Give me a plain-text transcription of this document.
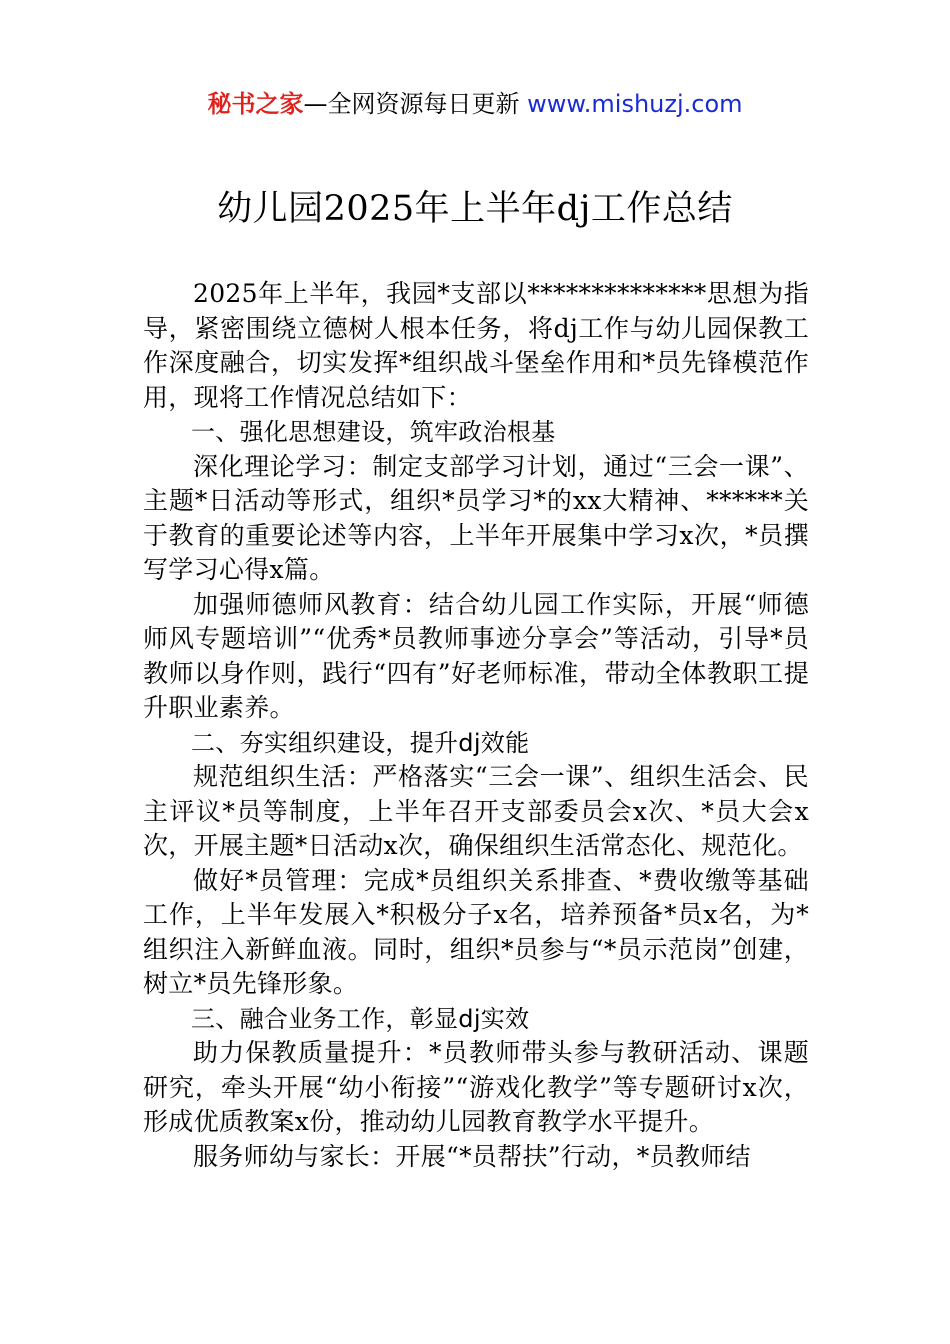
秘书之家—全网资源每日更新 www.mishuzj.com
幼儿园2025年上半年dj工作总结

2025年上半年，我园*支部以**************思想为指导，紧密围绕立德树人根本任务，将dj工作与幼儿园保教工作深度融合，切实发挥*组织战斗堡垒作用和*员先锋模范作用，现将工作情况总结如下：

一、强化思想建设，筑牢政治根基

深化理论学习：制定支部学习计划，通过“三会一课”、主题*日活动等形式，组织*员学习*的xx大精神、******关于教育的重要论述等内容，上半年开展集中学习x次，*员撰写学习心得x篇。

加强师德师风教育：结合幼儿园工作实际，开展“师德师风专题培训”“优秀*员教师事迹分享会”等活动，引导*员教师以身作则，践行“四有”好老师标准，带动全体教职工提升职业素养。

二、夯实组织建设，提升dj效能

规范组织生活：严格落实“三会一课”、组织生活会、民主评议*员等制度，上半年召开支部委员会x次、*员大会x次，开展主题*日活动x次，确保组织生活常态化、规范化。

做好*员管理：完成*员组织关系排查、*费收缴等基础工作，上半年发展入*积极分子x名，培养预备*员x名，为*组织注入新鲜血液。同时，组织*员参与“*员示范岗”创建，树立*员先锋形象。

三、融合业务工作，彰显dj实效

助力保教质量提升：*员教师带头参与教研活动、课题研究，牵头开展“幼小衔接”“游戏化教学”等专题研讨x次，形成优质教案x份，推动幼儿园教育教学水平提升。

服务师幼与家长：开展“*员帮扶”行动，*员教师结
